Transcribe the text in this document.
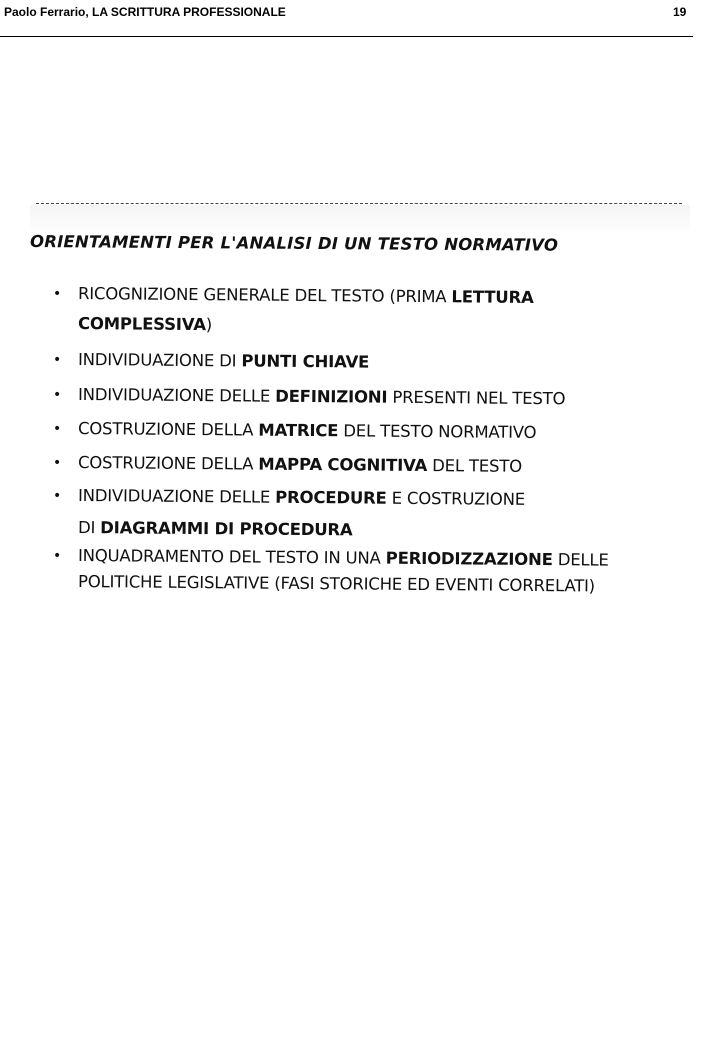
Paolo Ferrario, LA SCRITTURA PROFESSIONALE	19
ORIENTAMENTI PER L'ANALISI DI UN TESTO NORMATIVO
• RICOGNIZIONE GENERALE DEL TESTO (PRIMA LETTURA
COMPLESSIVA)
• INDIVIDUAZIONE DI PUNTI CHIAVE
• INDIVIDUAZIONE DELLE DEFINIZIONI PRESENTI NEL TESTO
• COSTRUZIONE DELLA MATRICE DEL TESTO NORMATIVO
• COSTRUZIONE DELLA MAPPA COGNITIVA DEL TESTO
• INDIVIDUAZIONE DELLE PROCEDURE E COSTRUZIONE
DI DIAGRAMMI DI PROCEDURA
• INQUADRAMENTO DEL TESTO IN UNA PERIODIZZAZIONE DELLE
POLITICHE LEGISLATIVE (FASI STORICHE ED EVENTI CORRELATI)
